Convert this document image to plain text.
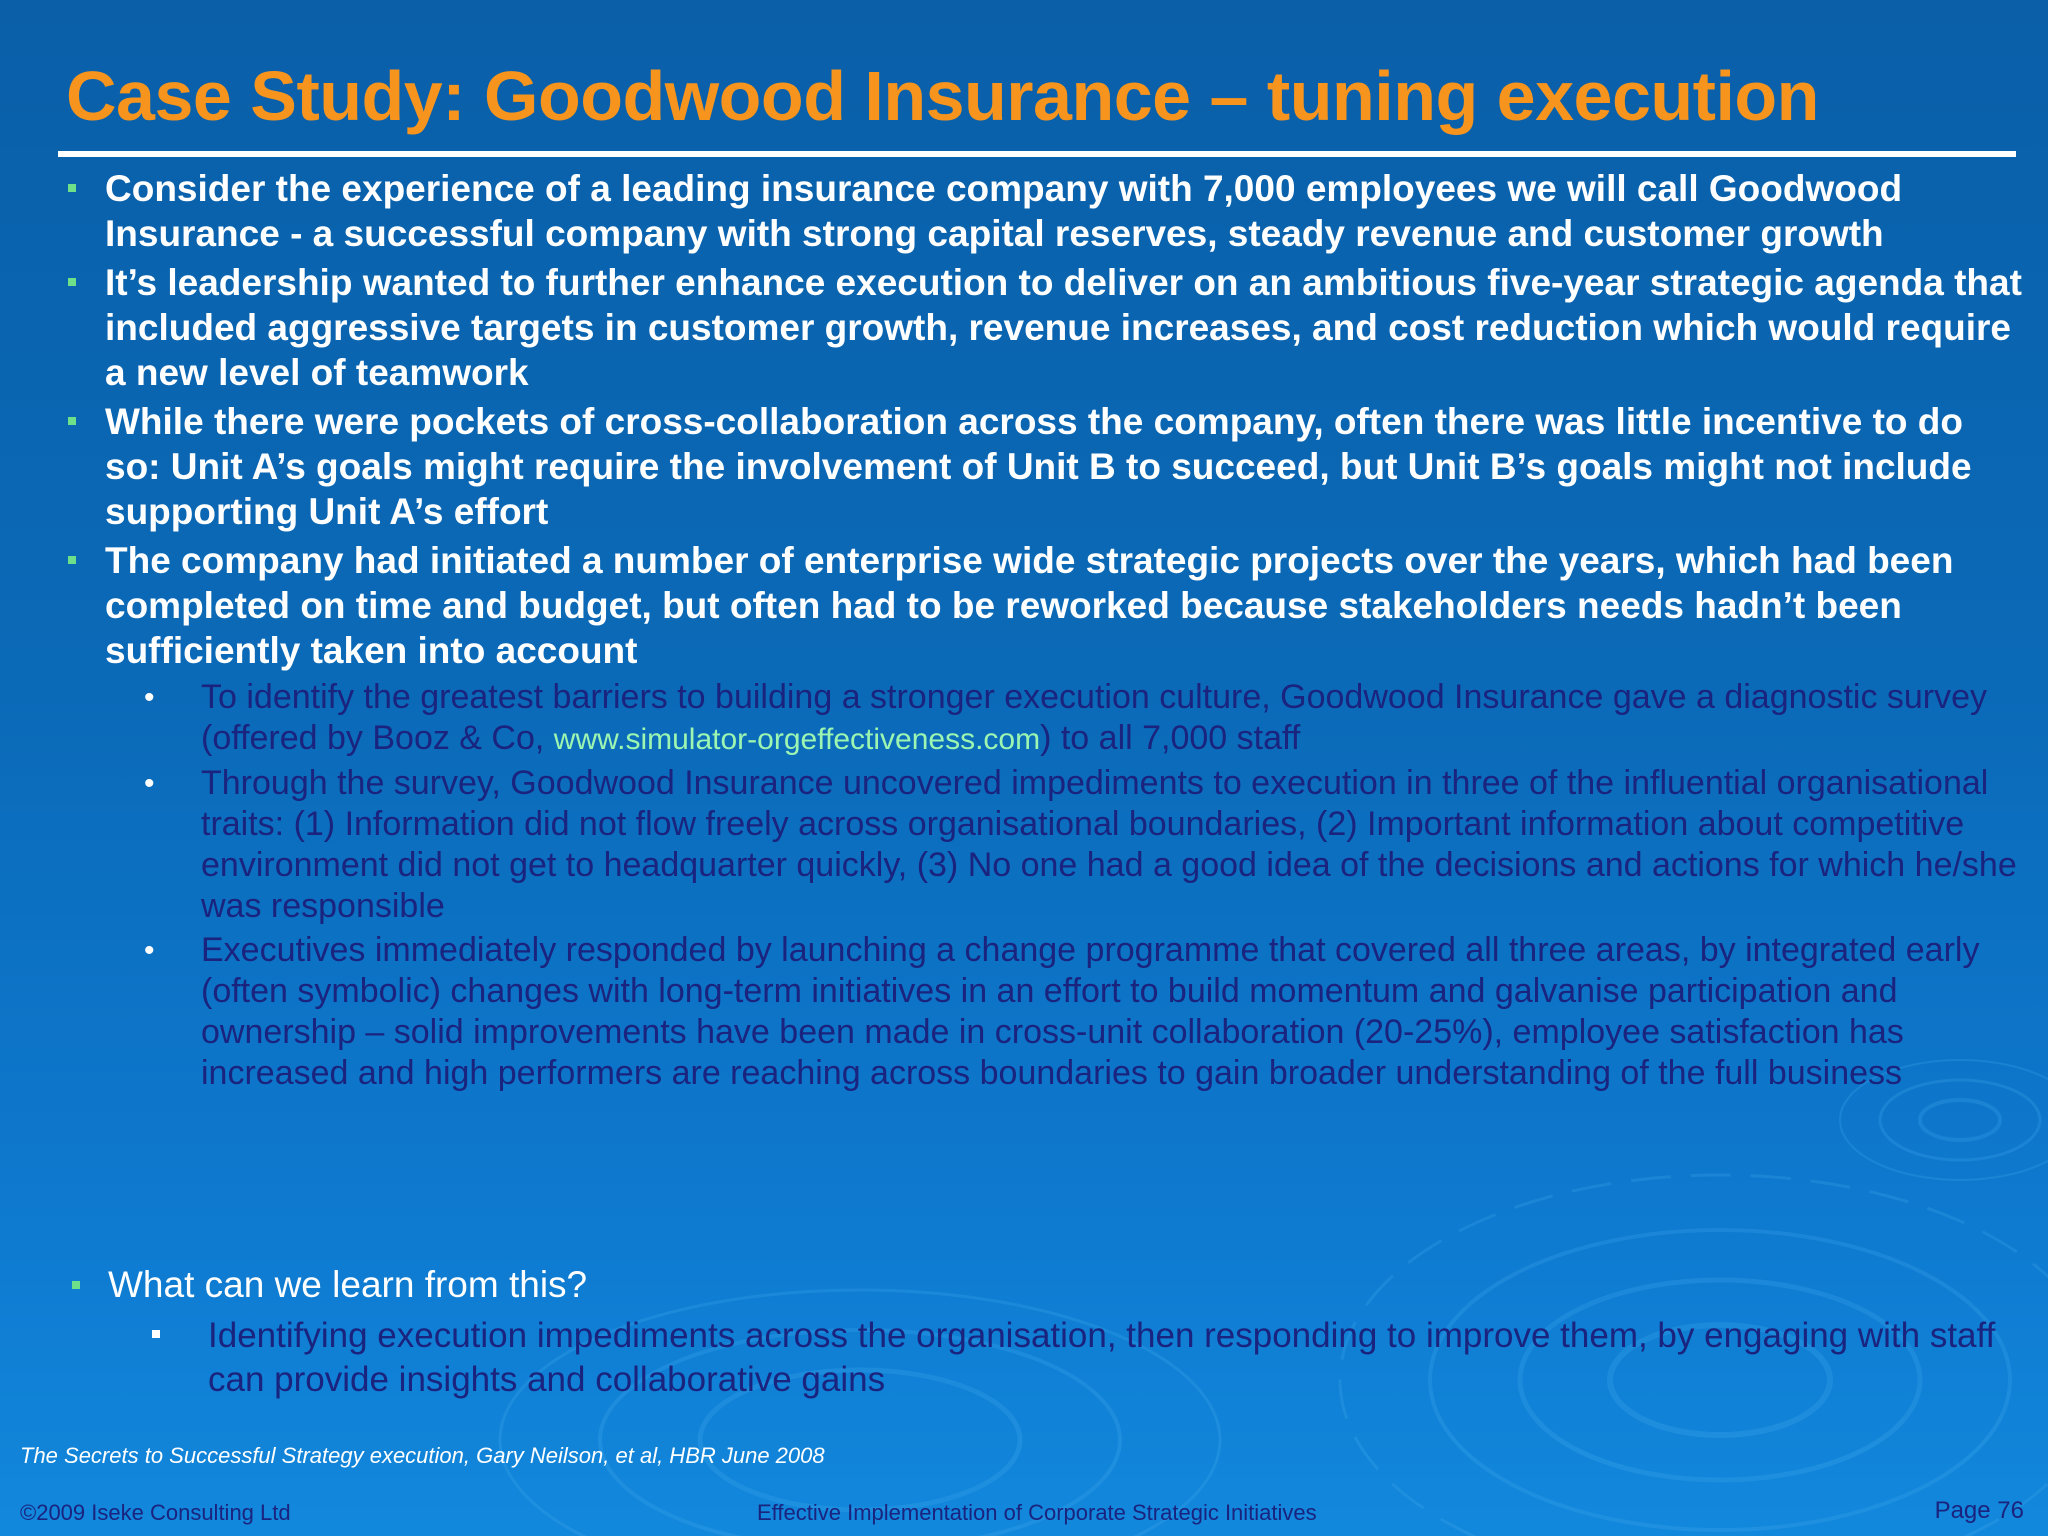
Case Study: Goodwood Insurance – tuning execution
Consider the experience of a leading insurance company with 7,000 employees we will call Goodwood Insurance - a successful company with strong capital reserves, steady revenue and customer growth
It’s leadership wanted to further enhance execution to deliver on an ambitious five-year strategic agenda that included aggressive targets in customer growth, revenue increases, and cost reduction which would require a new level of teamwork
While there were pockets of cross-collaboration across the company, often there was little incentive to do so: Unit A’s goals might require the involvement of Unit B to succeed, but Unit B’s goals might not include supporting Unit A’s effort
The company had initiated a number of enterprise wide strategic projects over the years, which had been completed on time and budget, but often had to be reworked because stakeholders needs hadn’t been sufficiently taken into account
• To identify the greatest barriers to building a stronger execution culture, Goodwood Insurance gave a diagnostic survey (offered by Booz & Co, www.simulator-orgeffectiveness.com) to all 7,000 staff
• Through the survey, Goodwood Insurance uncovered impediments to execution in three of the influential organisational traits: (1) Information did not flow freely across organisational boundaries, (2) Important information about competitive environment did not get to headquarter quickly, (3) No one had a good idea of the decisions and actions for which he/she was responsible
• Executives immediately responded by launching a change programme that covered all three areas, by integrated early (often symbolic) changes with long-term initiatives in an effort to build momentum and galvanise participation and ownership – solid improvements have been made in cross-unit collaboration (20-25%), employee satisfaction has increased and high performers are reaching across boundaries to gain broader understanding of the full business
What can we learn from this?
Identifying execution impediments across the organisation, then responding to improve them, by engaging with staff can provide insights and collaborative gains
The Secrets to Successful Strategy execution, Gary Neilson, et al, HBR June 2008
©2009 Iseke Consulting Ltd	Effective Implementation of Corporate Strategic Initiatives	Page 76
